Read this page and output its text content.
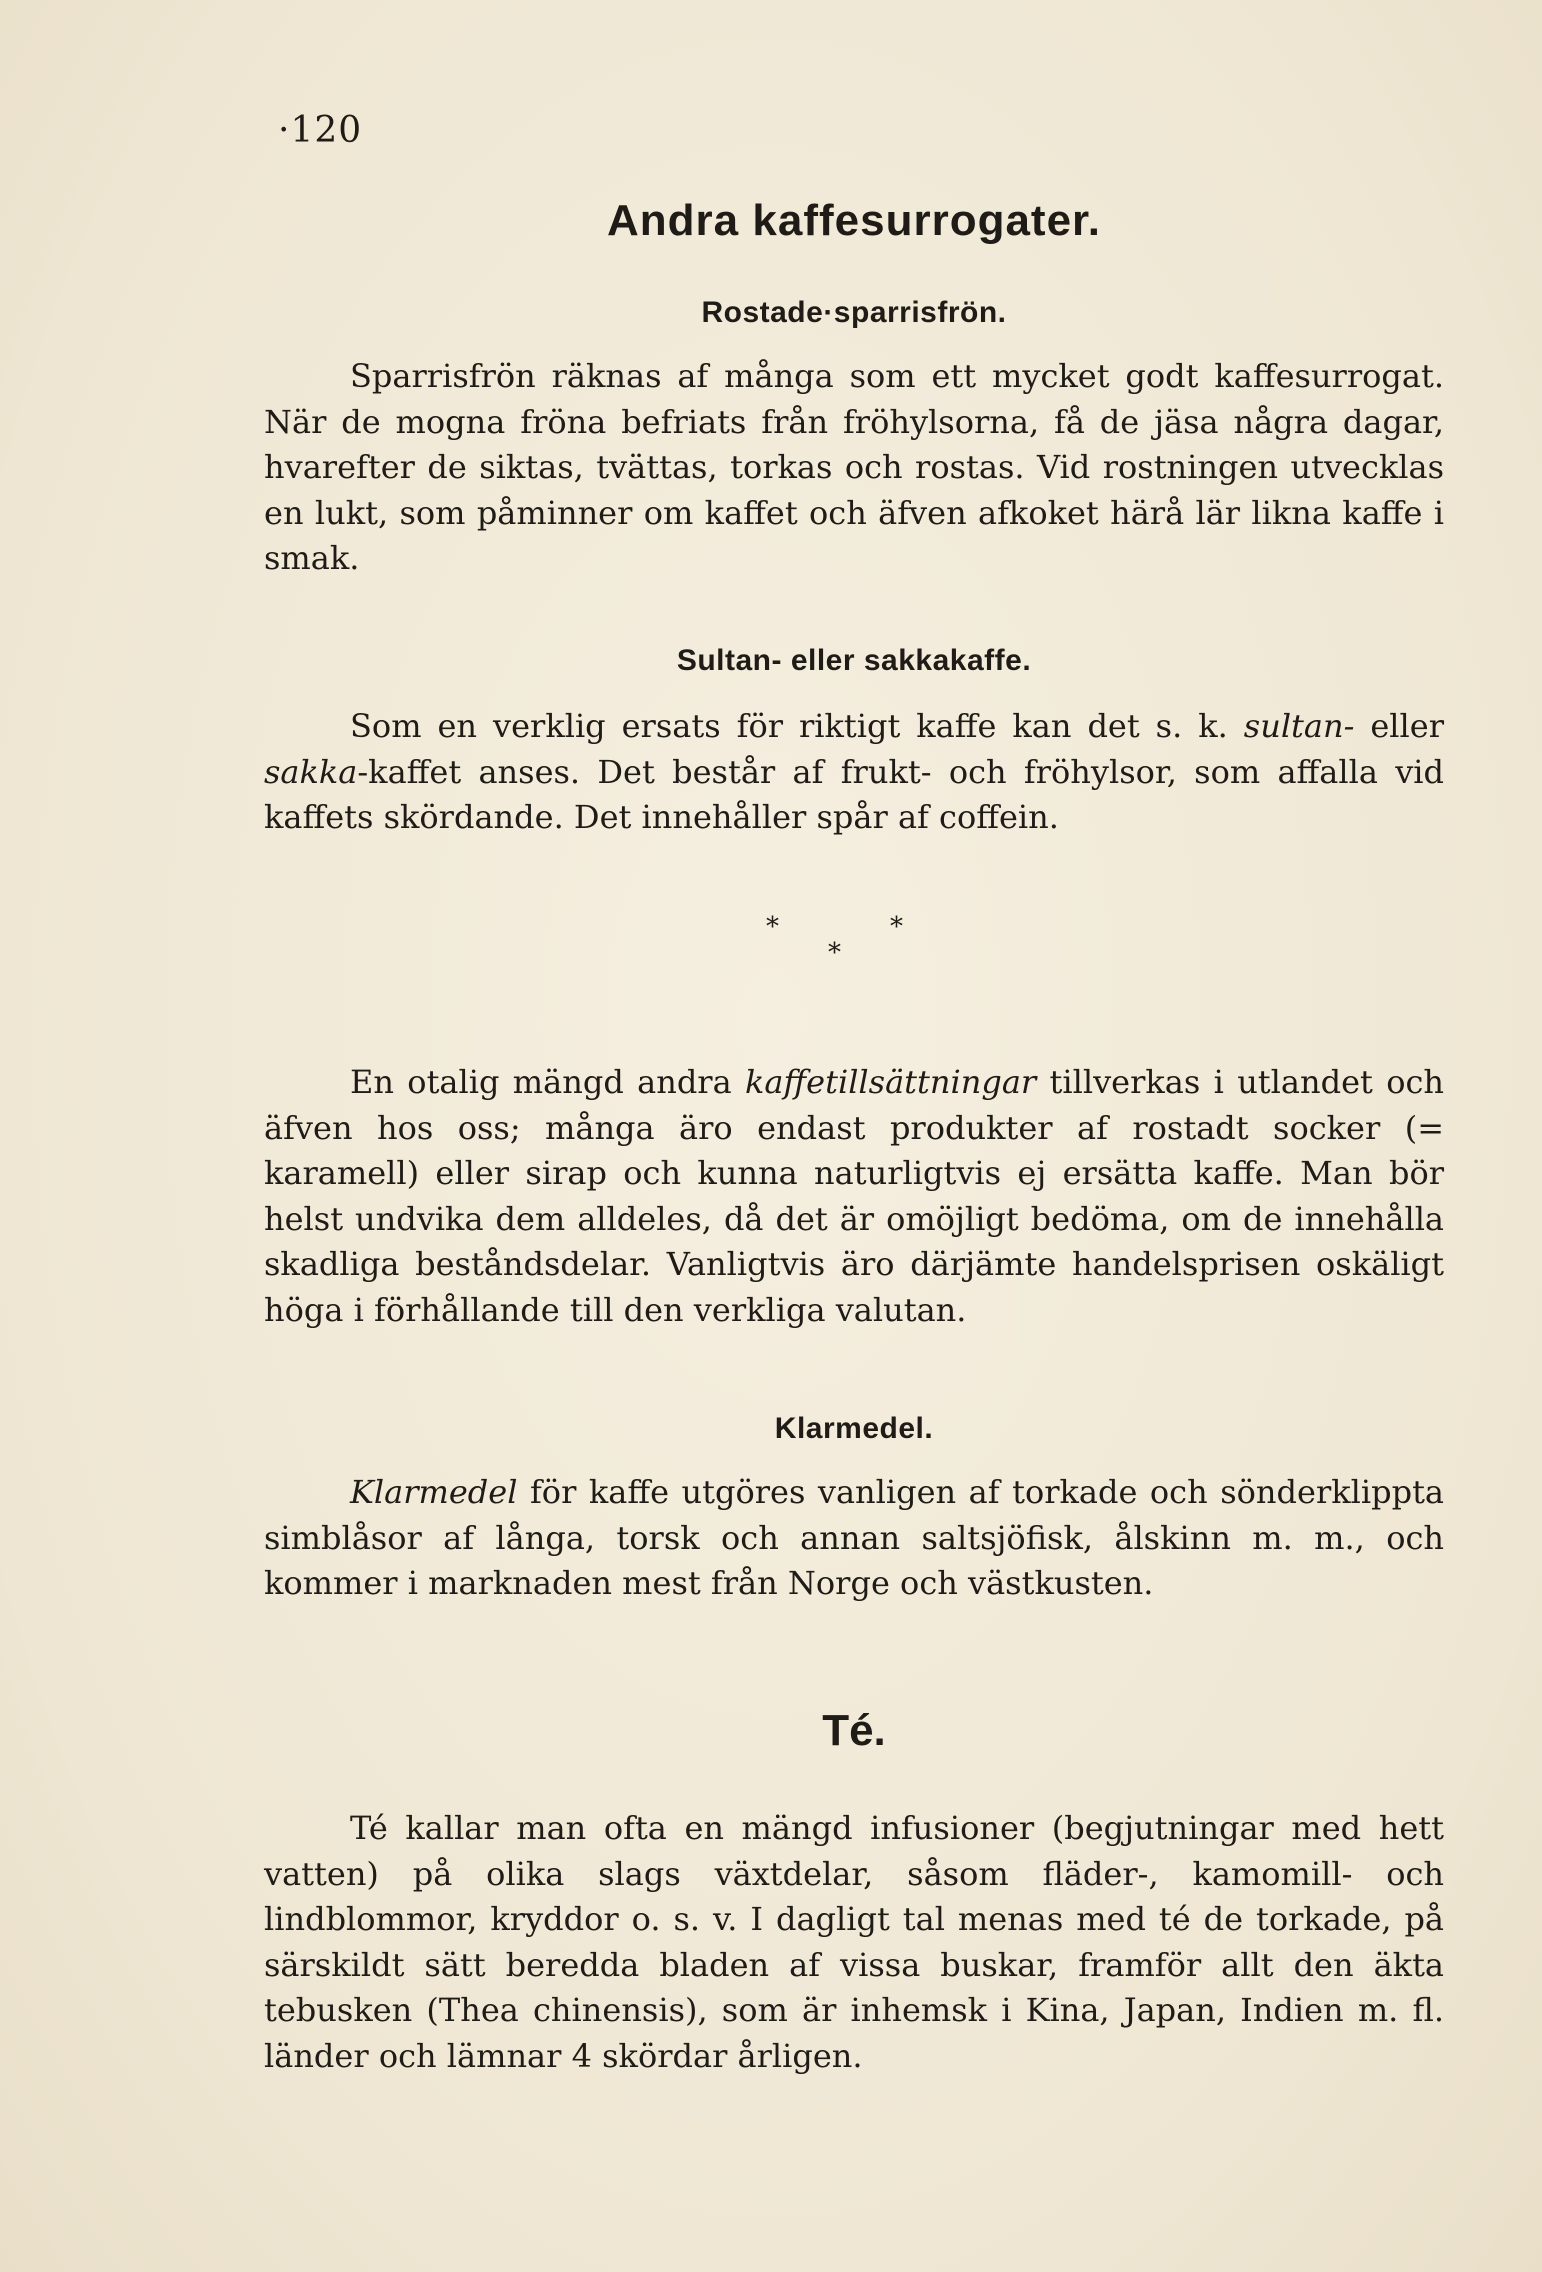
·120
Andra kaffesurrogater.
Rostade·sparrisfrön.

Sparrisfrön räknas af många som ett mycket godt kaffesurrogat. När de mogna fröna befriats från fröhylsorna, få de jäsa några dagar, hvarefter de siktas, tvättas, torkas och rostas. Vid rostningen utvecklas en lukt, som påminner om kaffet och äfven afkoket härå lär likna kaffe i smak.

Sultan- eller sakkakaffe.

Som en verklig ersats för riktigt kaffe kan det s. k. sultan- eller sakka-kaffet anses. Det består af frukt- och fröhylsor, som affalla vid kaffets skördande. Det innehåller spår af coffein.

*
*
*

En otalig mängd andra kaffetillsättningar tillverkas i utlandet och äfven hos oss; många äro endast produkter af rostadt socker (= karamell) eller sirap och kunna naturligtvis ej ersätta kaffe. Man bör helst undvika dem alldeles, då det är omöjligt bedöma, om de innehålla skadliga beståndsdelar. Vanligtvis äro därjämte handelsprisen oskäligt höga i förhållande till den verkliga valutan.

Klarmedel.

Klarmedel för kaffe utgöres vanligen af torkade och sönderklippta simblåsor af långa, torsk och annan saltsjöfisk, ålskinn m. m., och kommer i marknaden mest från Norge och västkusten.

Té.

Té kallar man ofta en mängd infusioner (begjutningar med hett vatten) på olika slags växtdelar, såsom fläder-, kamomill- och lindblommor, kryddor o. s. v. I dagligt tal menas med té de torkade, på särskildt sätt beredda bladen af vissa buskar, framför allt den äkta tebusken (Thea chinensis), som är inhemsk i Kina, Japan, Indien m. fl. länder och lämnar 4 skördar årligen.
